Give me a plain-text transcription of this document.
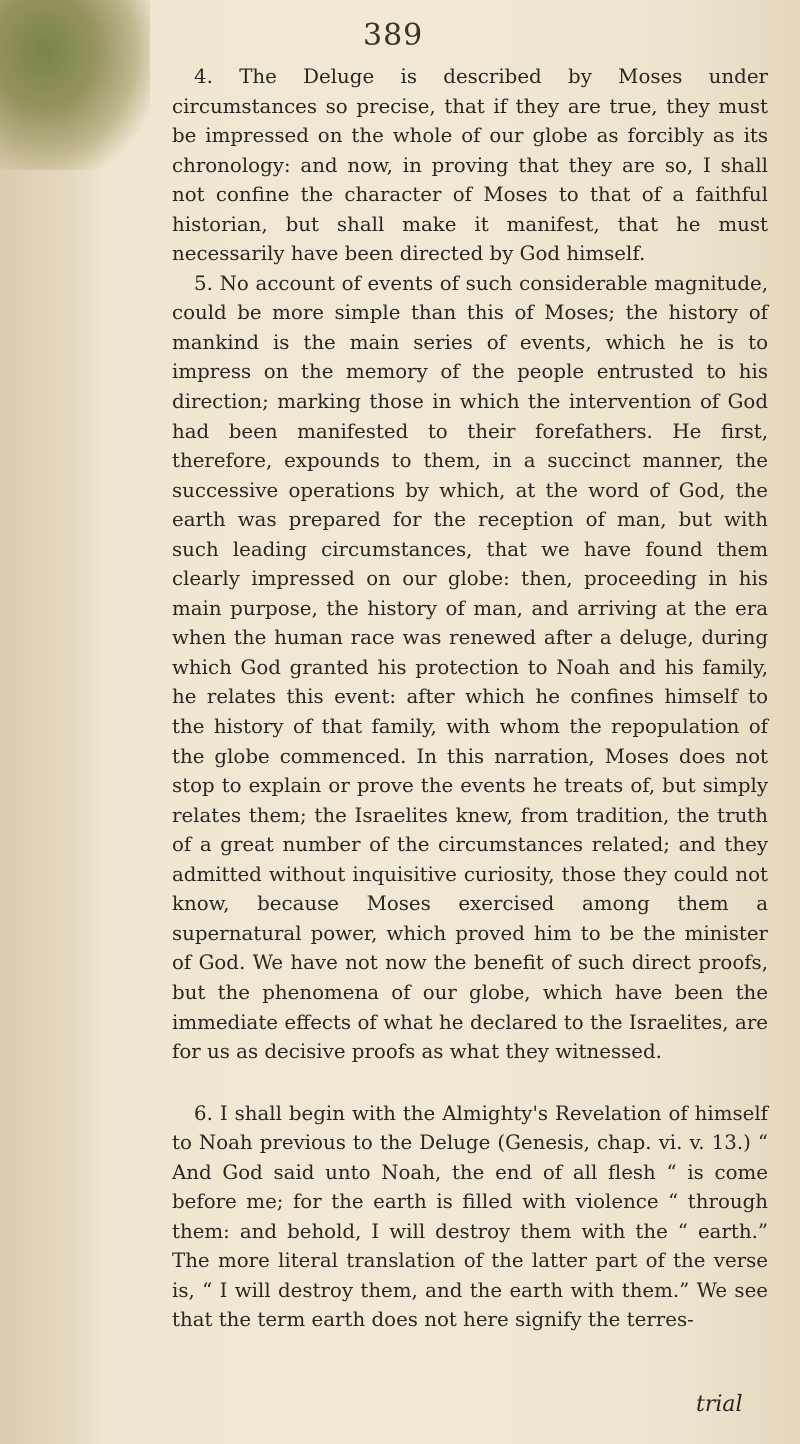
389

4. The Deluge is described by Moses under circumstances so precise, that if they are true, they must be impressed on the whole of our globe as forcibly as its chronology: and now, in proving that they are so, I shall not confine the character of Moses to that of a faithful historian, but shall make it manifest, that he must necessarily have been directed by God himself.

5. No account of events of such considerable magnitude, could be more simple than this of Moses; the history of mankind is the main series of events, which he is to impress on the memory of the people entrusted to his direction; marking those in which the intervention of God had been manifested to their forefathers. He first, therefore, expounds to them, in a succinct manner, the successive operations by which, at the word of God, the earth was prepared for the reception of man, but with such leading circumstances, that we have found them clearly impressed on our globe: then, proceeding in his main purpose, the history of man, and arriving at the era when the human race was renewed after a deluge, during which God granted his protection to Noah and his family, he relates this event: after which he confines himself to the history of that family, with whom the repopulation of the globe commenced. In this narration, Moses does not stop to explain or prove the events he treats of, but simply relates them; the Israelites knew, from tradition, the truth of a great number of the circumstances related; and they admitted without inquisitive curiosity, those they could not know, because Moses exercised among them a supernatural power, which proved him to be the minister of God. We have not now the benefit of such direct proofs, but the phenomena of our globe, which have been the immediate effects of what he declared to the Israelites, are for us as decisive proofs as what they witnessed.

6. I shall begin with the Almighty's Revelation of himself to Noah previous to the Deluge (Genesis, chap. vi. v. 13.) “ And God said unto Noah, the end of all flesh “ is come before me; for the earth is filled with violence “ through them: and behold, I will destroy them with the “ earth.” The more literal translation of the latter part of the verse is, “ I will destroy them, and the earth with them.” We see that the term earth does not here signify the terres-

trial
